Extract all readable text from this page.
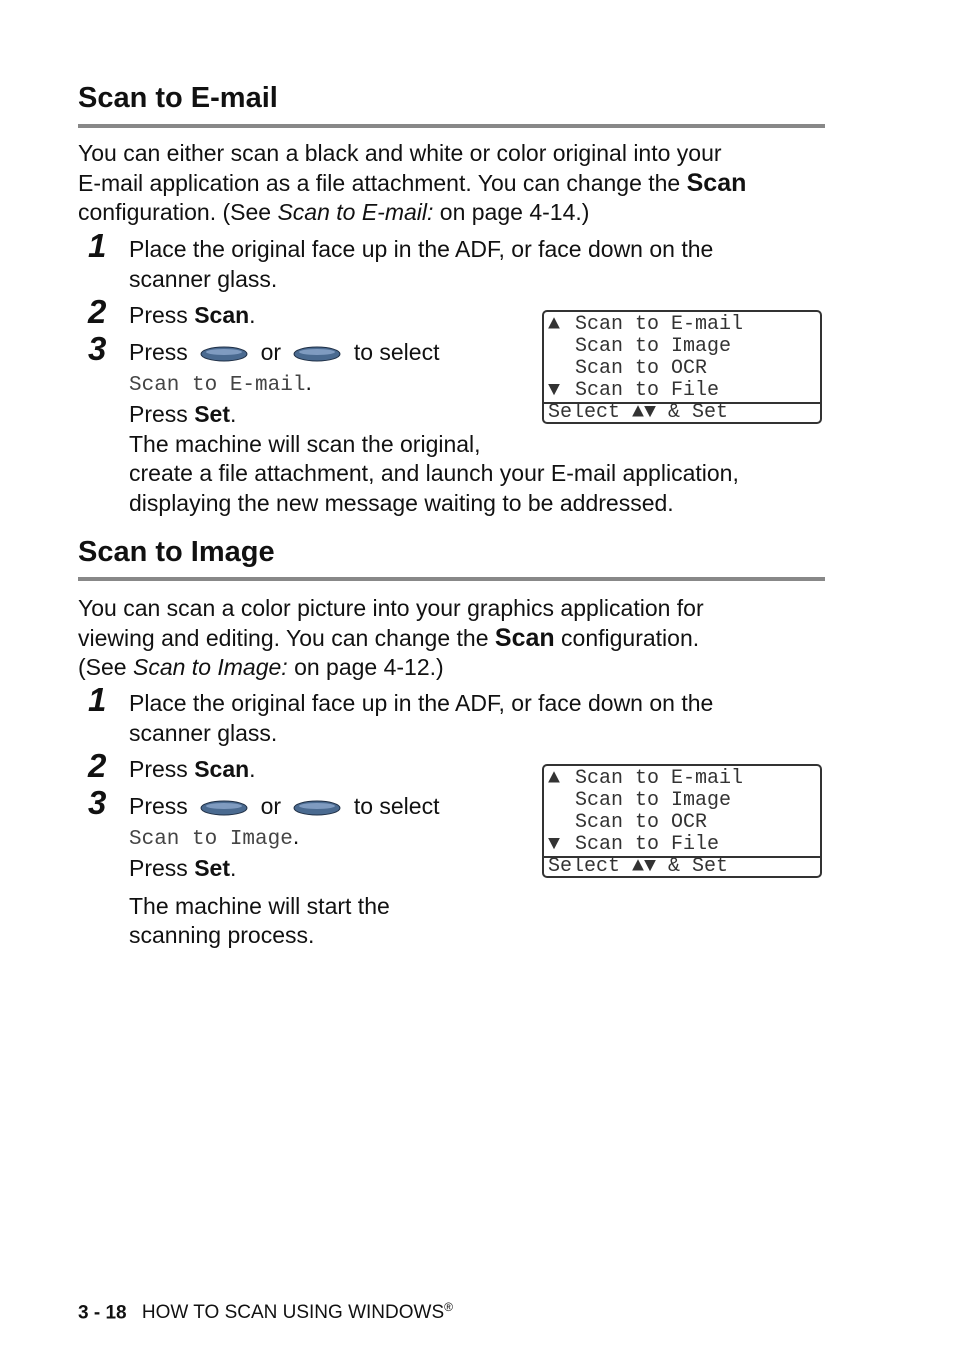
Scan to E-mail
You can either scan a black and white or color original into your
E-mail application as a file attachment. You can change the Scan
configuration. (See Scan to E-mail: on page 4-14.)
1 Place the original face up in the ADF, or face down on the
scanner glass.
2 Press Scan.
3 Press	or	to select
Scan to E-mail.
Press Set.
The machine will scan the original,
create a file attachment, and launch your E-mail application,
displaying the new message waiting to be addressed.
▲ Scan to E-mail
Scan to Image
Scan to OCR
▼ Scan to File
Select ▲▼ & Set
Scan to Image
You can scan a color picture into your graphics application for
viewing and editing. You can change the Scan configuration.
(See Scan to Image: on page 4-12.)
1 Place the original face up in the ADF, or face down on the
scanner glass.
2 Press Scan.
3 Press	or	to select
Scan to Image.
Press Set.
The machine will start the
scanning process.
▲ Scan to E-mail
Scan to Image
Scan to OCR
▼ Scan to File
Select ▲▼ & Set
3 - 18 HOW TO SCAN USING WINDOWS®
